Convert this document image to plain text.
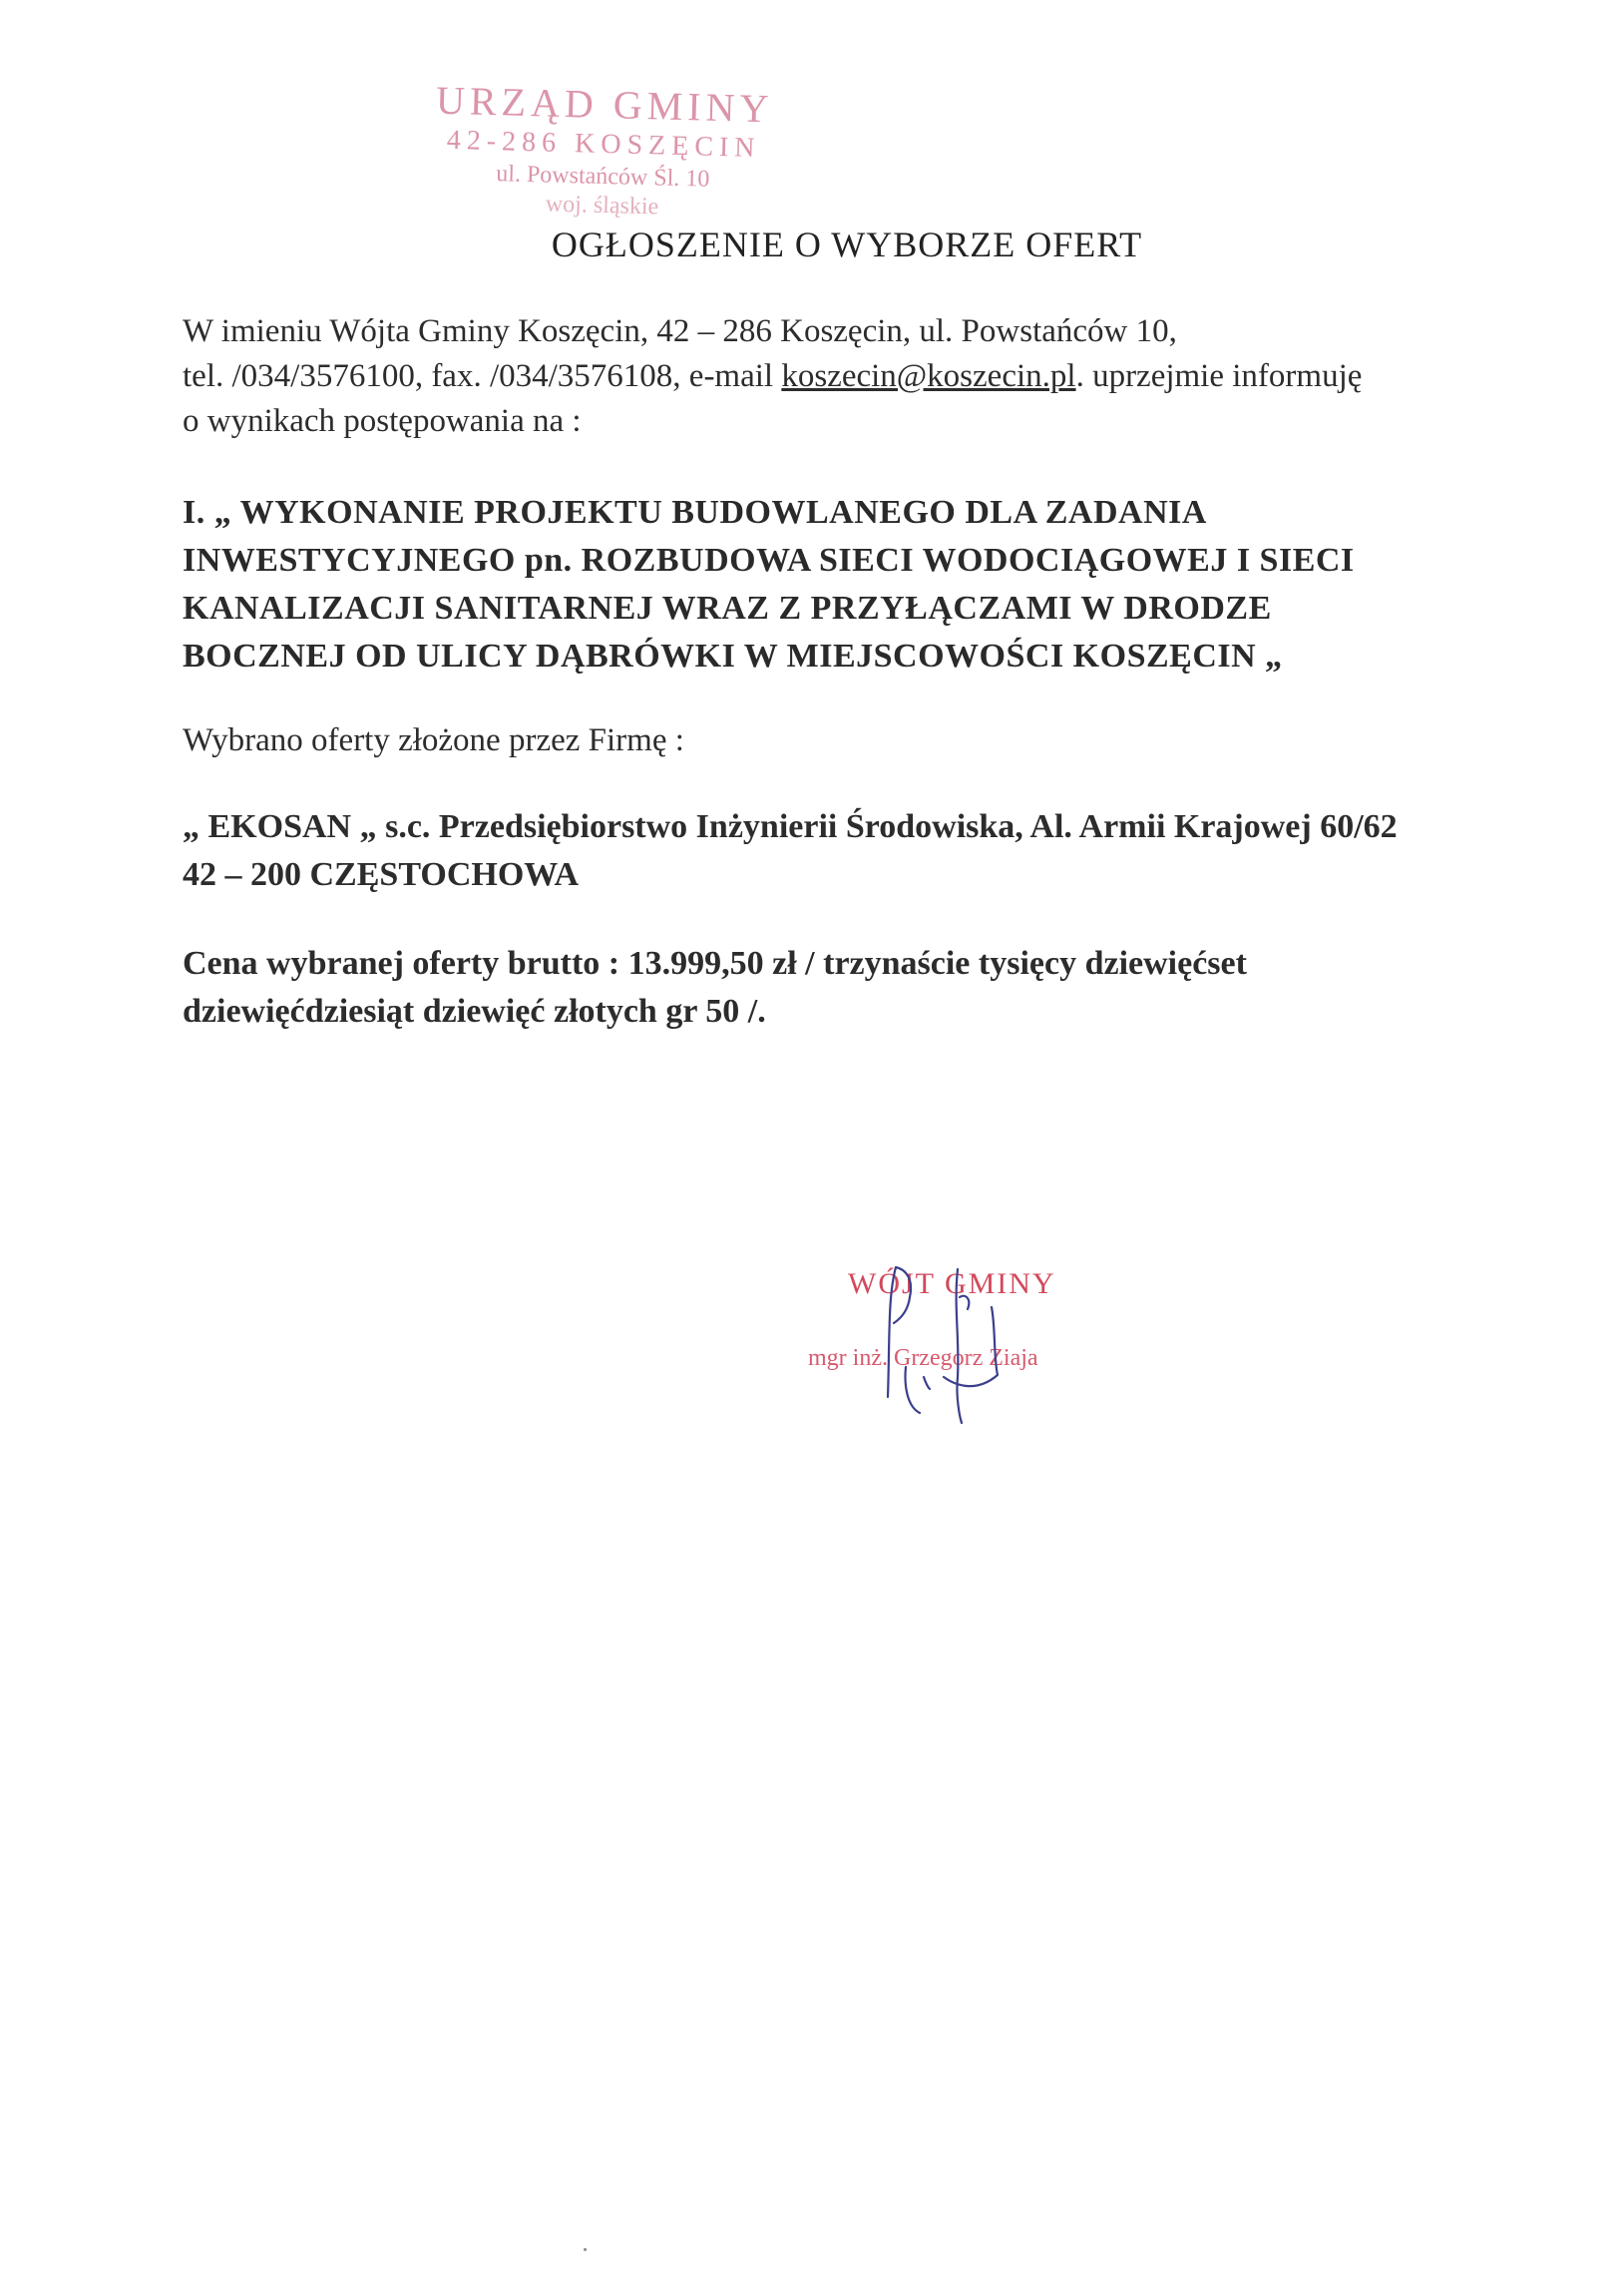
URZĄD GMINY
42-286 KOSZĘCIN
ul. Powstańców Śl. 10
woj. śląskie
OGŁOSZENIE O WYBORZE OFERT
W imieniu Wójta Gminy Koszęcin, 42 – 286 Koszęcin, ul. Powstańców 10,
tel. /034/3576100, fax. /034/3576108, e-mail koszecin@koszecin.pl. uprzejmie informuję
o wynikach postępowania na :
I. „ WYKONANIE PROJEKTU BUDOWLANEGO DLA ZADANIA
INWESTYCYJNEGO pn. ROZBUDOWA SIECI WODOCIĄGOWEJ I SIECI
KANALIZACJI SANITARNEJ WRAZ Z PRZYŁĄCZAMI W DRODZE
BOCZNEJ OD ULICY DĄBRÓWKI W MIEJSCOWOŚCI KOSZĘCIN „
Wybrano oferty złożone przez Firmę :
„ EKOSAN „ s.c. Przedsiębiorstwo Inżynierii Środowiska, Al. Armii Krajowej 60/62
42 – 200 CZĘSTOCHOWA
Cena wybranej oferty brutto : 13.999,50 zł / trzynaście tysięcy dziewięćset
dziewięćdziesiąt dziewięć złotych gr 50 /.
WÓJT GMINY
mgr inż. Grzegorz Ziaja
